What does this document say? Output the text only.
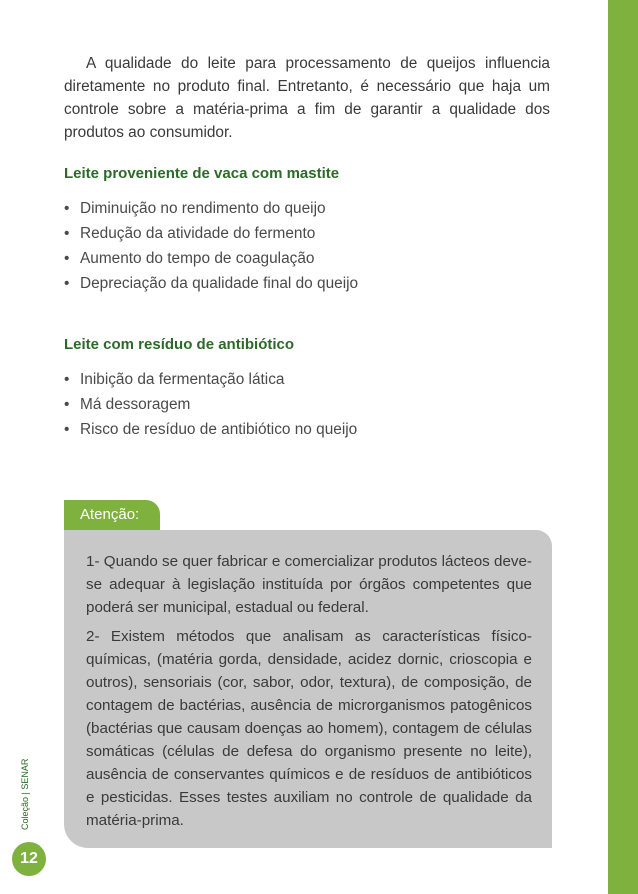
A qualidade do leite para processamento de queijos influencia diretamente no produto final. Entretanto, é necessário que haja um controle sobre a matéria-prima a fim de garantir a qualidade dos produtos ao consumidor.

Leite proveniente de vaca com mastite
• Diminuição no rendimento do queijo
• Redução da atividade do fermento
• Aumento do tempo de coagulação
• Depreciação da qualidade final do queijo
Leite com resíduo de antibiótico
• Inibição da fermentação lática
• Má dessoragem
• Risco de resíduo de antibiótico no queijo
Atenção:

1- Quando se quer fabricar e comercializar produtos lácteos deve-se adequar à legislação instituída por órgãos competentes que poderá ser municipal, estadual ou federal.

2- Existem métodos que analisam as características físico-químicas, (matéria gorda, densidade, acidez dornic, crioscopia e outros), sensoriais (cor, sabor, odor, textura), de composição, de contagem de bactérias, ausência de microrganismos patogênicos (bactérias que causam doenças ao homem), contagem de células somáticas (células de defesa do organismo presente no leite), ausência de conservantes químicos e de resíduos de antibióticos e pesticidas. Esses testes auxiliam no controle de qualidade da matéria-prima.

Coleção | SENAR
12
